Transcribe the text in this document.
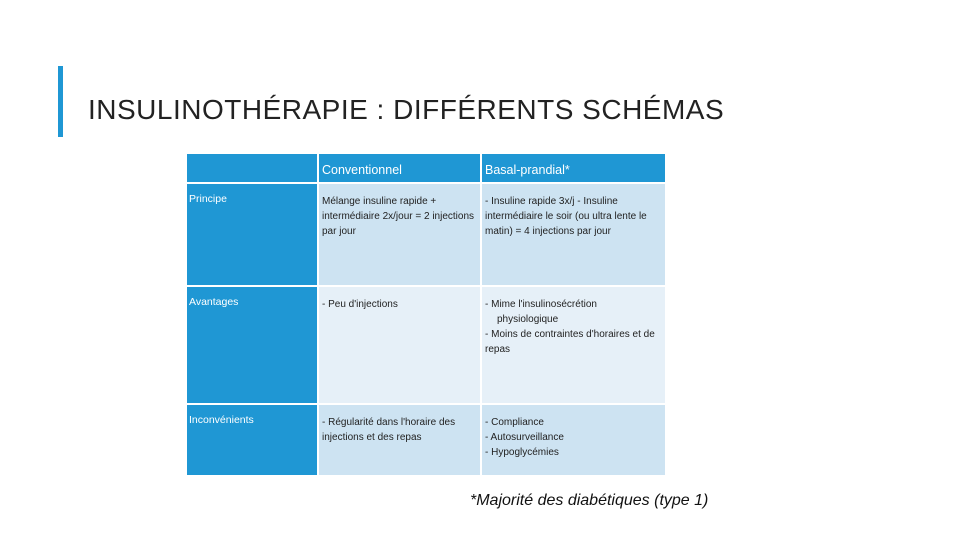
INSULINOTHÉRAPIE : DIFFÉRENTS SCHÉMAS
	Conventionnel	Basal-prandial*
Principe	Mélange insuline rapide + intermédiaire 2x/jour = 2 injections par jour	- Insuline rapide 3x/j - Insuline intermédiaire le soir (ou ultra lente le matin) = 4 injections par jour
Avantages	- Peu d'injections	- Mime l'insulinosécrétion
physiologique
- Moins de contraintes d'horaires et de repas

Inconvénients	- Régularité dans l'horaire des injections et des repas	- Compliance
- Autosurveillance
- Hypoglycémies
*Majorité des diabétiques (type 1)
